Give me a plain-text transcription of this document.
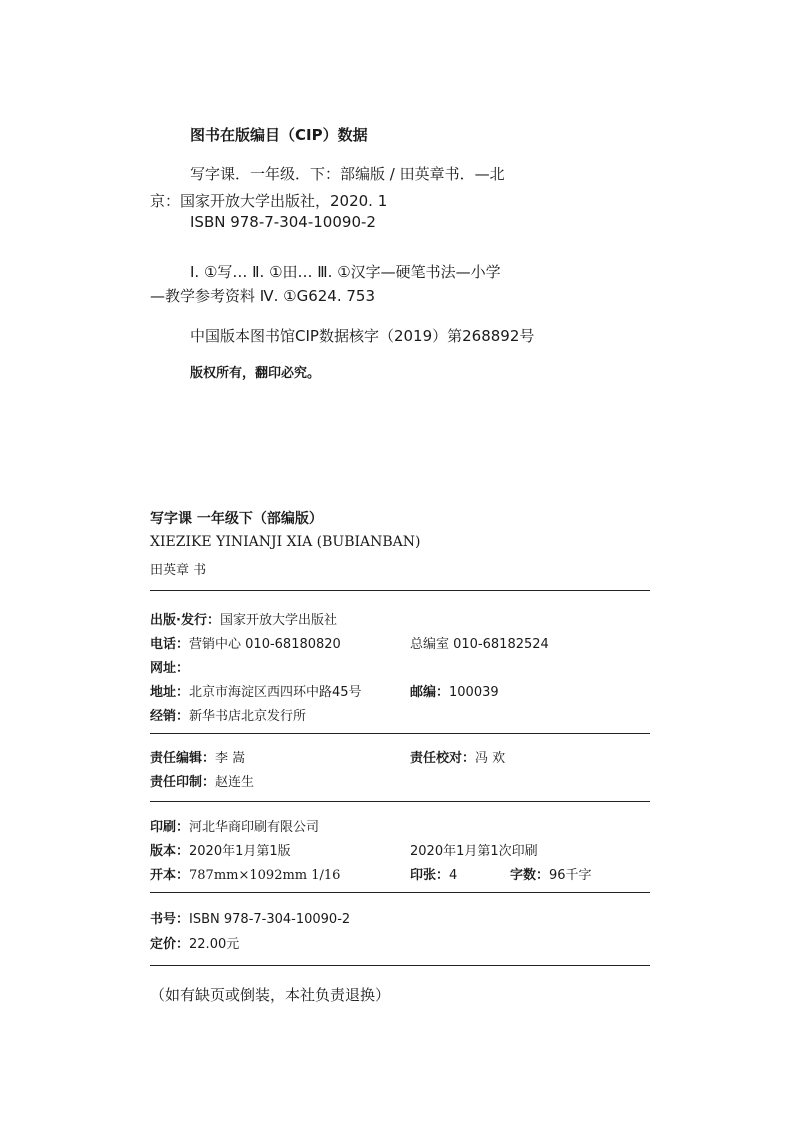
图书在版编目（CIP）数据
写字课．一年级．下：部编版 / 田英章书．—北
京：国家开放大学出版社，2020. 1
ISBN 978-7-304-10090-2
Ⅰ. ①写… Ⅱ. ①田… Ⅲ. ①汉字—硬笔书法—小学
—教学参考资料 Ⅳ. ①G624. 753
中国版本图书馆CIP数据核字（2019）第268892号
版权所有，翻印必究。
写字课 一年级下（部编版）
XIEZIKE YINIANJI XIA (BUBIANBAN)
田英章 书
出版·发行：国家开放大学出版社
电话：营销中心 010-68180820	总编室 010-68182524
网址：
地址：北京市海淀区西四环中路45号	邮编：100039
经销：新华书店北京发行所
责任编辑：李 嵩	责任校对：冯 欢
责任印制：赵连生
印刷：河北华商印刷有限公司
版本：2020年1月第1版	2020年1月第1次印刷
开本：787mm×1092mm 1/16	印张：4	字数：96千字
书号：ISBN 978-7-304-10090-2
定价：22.00元
（如有缺页或倒装，本社负责退换）
